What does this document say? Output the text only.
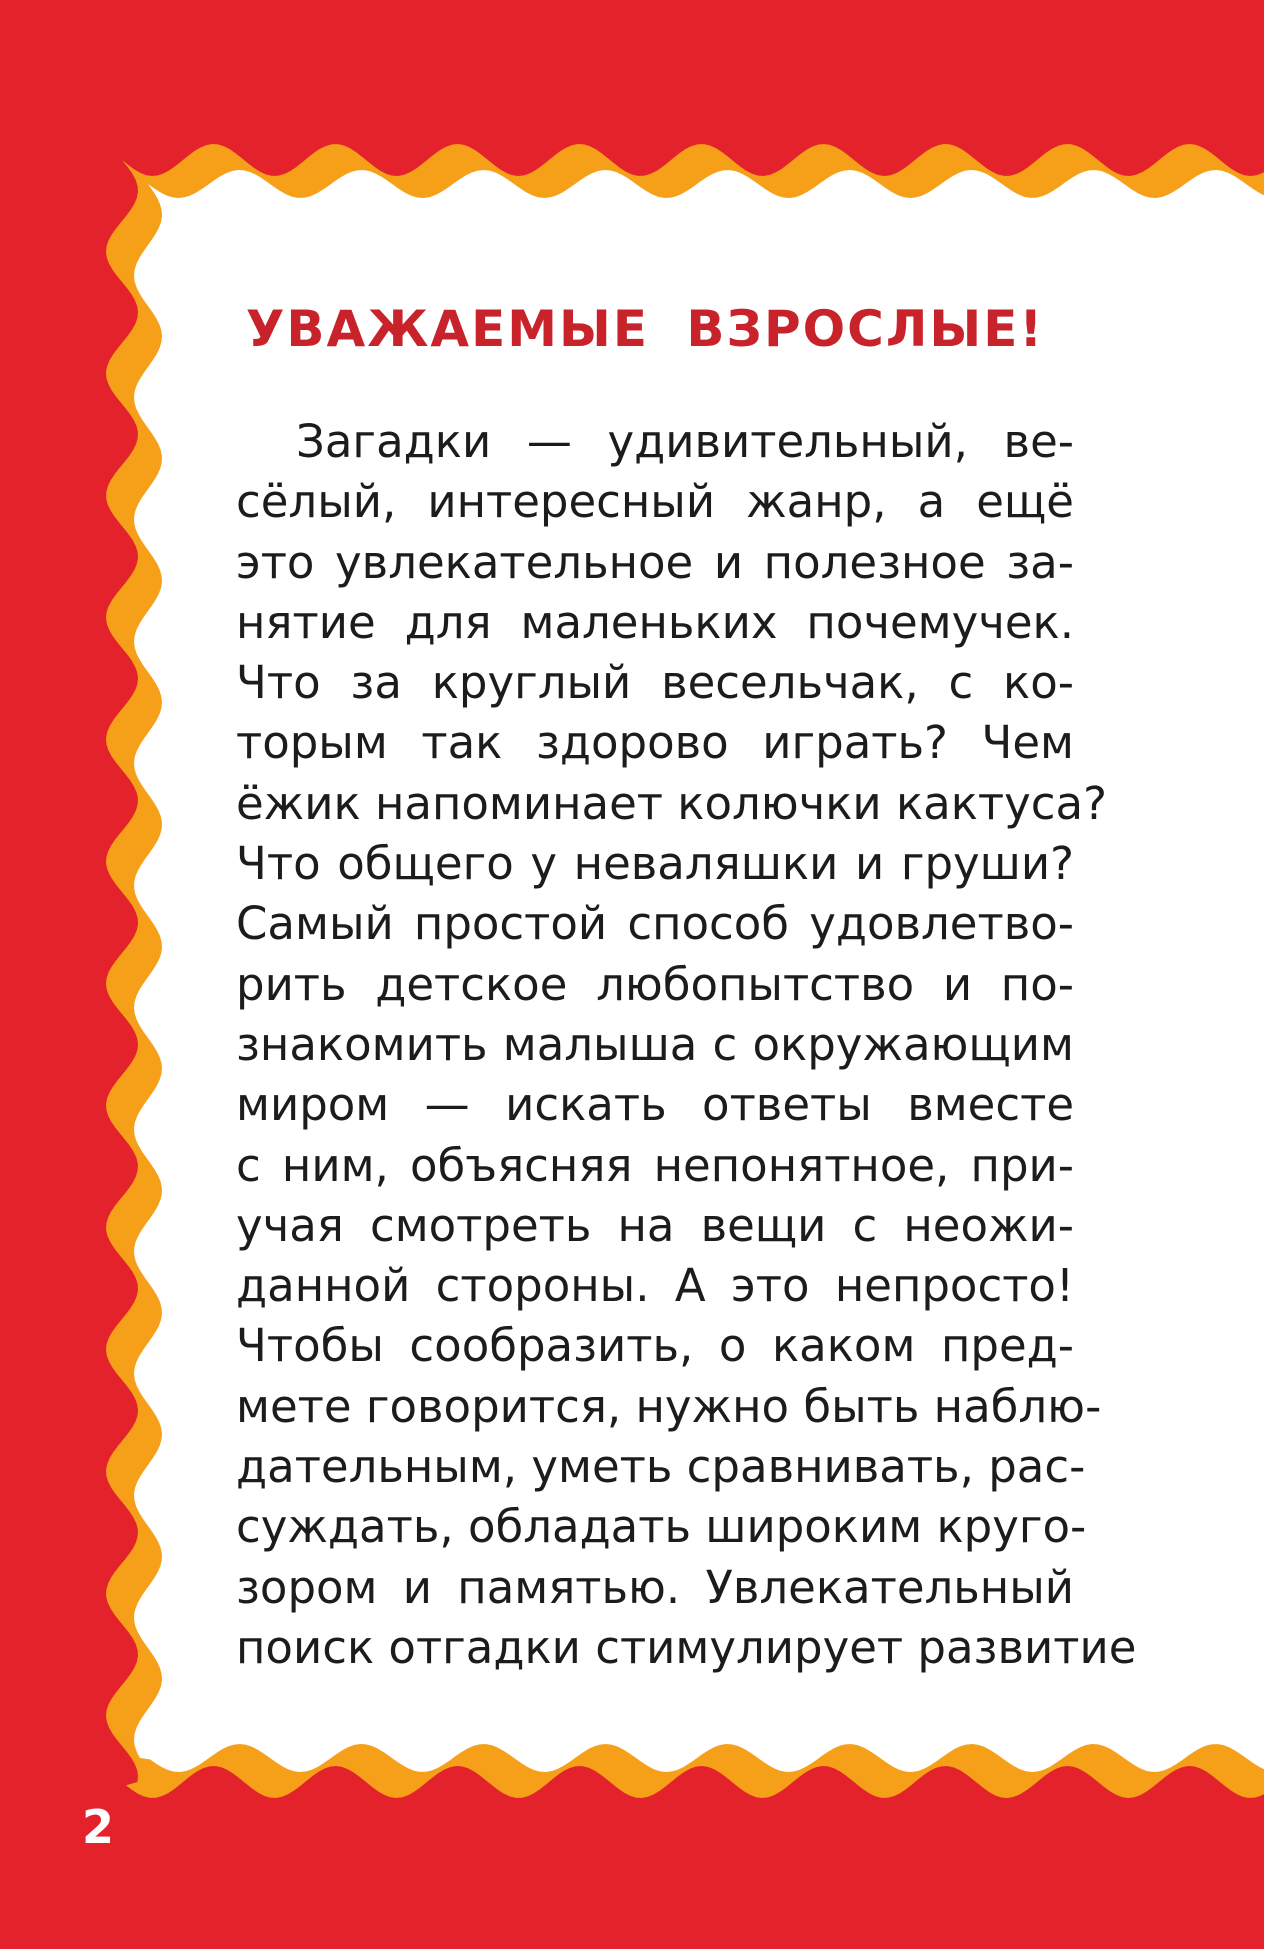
УВАЖАЕМЫЕ ВЗРОСЛЫЕ!
Загадки — удивительный, ве-
сёлый, интересный жанр, а ещё
это увлекательное и полезное за-
нятие для маленьких почемучек.
Что за круглый весельчак, с ко-
торым так здорово играть? Чем
ёжик напоминает колючки кактуса?
Что общего у неваляшки и груши?
Самый простой способ удовлетво-
рить детское любопытство и по-
знакомить малыша с окружающим
миром — искать ответы вместе
с ним, объясняя непонятное, при-
учая смотреть на вещи с неожи-
данной стороны. А это непросто!
Чтобы сообразить, о каком пред-
мете говорится, нужно быть наблю-
дательным, уметь сравнивать, рас-
суждать, обладать широким круго-
зором и памятью. Увлекательный
поиск отгадки стимулирует развитие
2
